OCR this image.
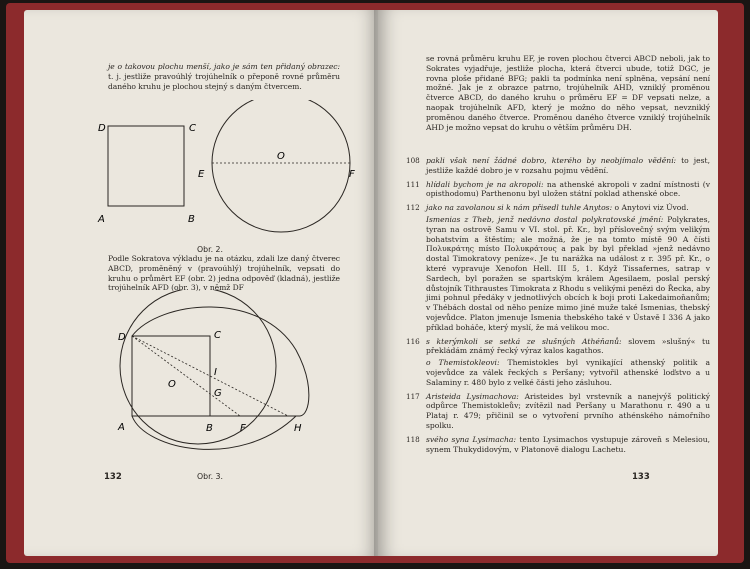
je o takovou plochu menší, jako je sám ten přidaný obrazec: t. j. jestliže pravoúhlý trojúhelník o přeponě rovné průměru daného kruhu je plochou stejný s daným čtvercem.

D	C
A	B
E
O
F
Obr. 2.

Podle Sokratova výkladu je na otázku, zdali lze daný čtverec ABCD, proměněný v (pravoúhlý) trojúhelník, vepsati do kruhu o průměrt EF (obr. 2) jedna odpověď (kladná), jestliže trojúhelník AFD (obr. 3), v němž DF

D	C
O
I
G
A	B	F	H
Obr. 3.
132

se rovná průměru kruhu EF, je roven plochou čtverci ABCD neboli, jak to Sokrates vyjadřuje, jestliže plocha, která čtverci ubude, totiž DGC, je rovna ploše přidané BFG; pakli ta podmínka není splněna, vepsání není možné. Jak je z obrazce patrno, trojúhelník AHD, vzniklý proměnou čtverce ABCD, do daného kruhu o průměru EF = DF vepsati nelze, a naopak trojúhelník AFD, který je možno do něho vepsat, nevzniklý proměnou daného čtverce. Proměnou daného čtverce vzniklý trojúhelník AHD je možno vepsat do kruhu o větším průměru DH.

108 pakli však není žádné dobro, kterého by neobjímalo vědění: to jest, jestliže každé dobro je v rozsahu pojmu vědění.
111 hlídali bychom je na akropoli: na athenské akropoli v zadní místnosti (v opisthodomu) Parthenonu byl uložen státní poklad athenské obce.
112 jako na zavolanou si k nám přisedl tuhle Anytos: o Anytovi viz Úvod.
Ismenias z Theb, jenž nedávno dostal polykratovské jmění: Polykrates, tyran na ostrově Samu v VI. stol. př. Kr., byl příslovečný svým velikým bohatstvím a štěstím; ale možná, že je na tomto místě 90 A čísti Πολυκράτης místo Πολυκράτους a pak by byl překlad »jenž nedávno dostal Timokratovy peníze«. Je tu narážka na událost z r. 395 př. Kr., o které vypravuje Xenofon Hell. III 5, 1. Když Tissafernes, satrap v Sardech, byl poražen se spartským králem Agesilaem, poslal perský důstojník Tithraustes Timokrata z Rhodu s velikými penězi do Řecka, aby jimi pohnul předáky v jednotlivých obcích k boji proti Lakedaimoňanům; v Thébách dostal od něho peníze mimo jiné muže také Ismenias, thebský vojevůdce. Platon jmenuje Ismenia thebského také v Ústavě I 336 A jako příklad boháče, který myslí, že má velikou moc.
116 s kterýmkoli se setká ze slušných Athéňanů: slovem »slušný« tu překládám známý řecký výraz kalos kagathos.
o Themistokleovi: Themistokles byl vynikající athenský politik a vojevůdce za válek řeckých s Peršany; vytvořil athenské loďstvo a u Salaminy r. 480 bylo z velké části jeho zásluhou.
117 Aristeida Lysimachova: Aristeides byl vrstevník a nanejvýš politický odpůrce Themistokleův; zvítězil nad Peršany u Marathonu r. 490 a u Plataj r. 479; přičinil se o vytvoření prvního athénského námořního spolku.
118 svého syna Lysimacha: tento Lysimachos vystupuje zároveň s Melesiou, synem Thukydidovým, v Platonově dialogu Lachetu.
133
